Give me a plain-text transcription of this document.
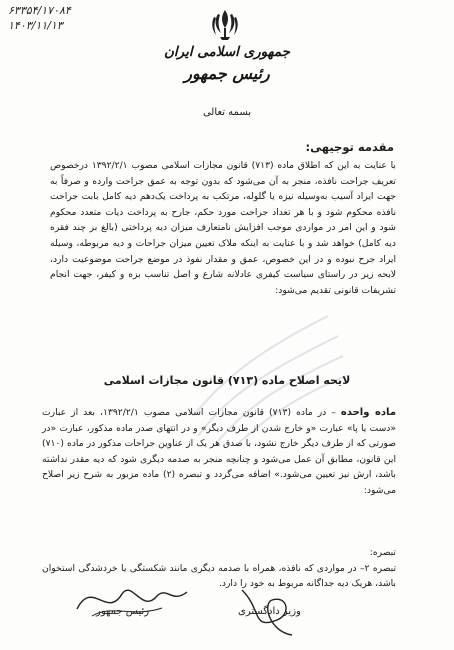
۶۳۳۵۴/۱۷۰۸۴
۱۴۰۳/۱۱/۱۳
جمهوری اسلامی ایران
رئیس جمهور
بسمه تعالی
مقدمه توجیهی:
با عنایت به این که اطلاق ماده (۷۱۳) قانون مجازات اسلامی مصوب ۱۳۹۲/۲/۱ درخصوص تعریف جراحت نافذه، منجر به آن می‌شود که بدون توجه به عمق جراحت وارده و صرفاً به جهت ایراد آسیب به‌وسیله نیزه یا گلوله، مرتکب به پرداخت یک‌دهم دیه کامل بابت جراحت نافذه محکوم شود و با هر تعداد جراحت مورد حکم، جارح به پرداخت دیات متعدد محکوم شود و این امر در مواردی موجب افزایش نامتعارف میزان دیه پرداختی (بالغ بر چند فقره دیه کامل) خواهد شد و با عنایت به اینکه ملاک تعیین میزان جراحات و دیه مربوطه، وسیله ایراد جرح نبوده و در این خصوص، عمق و مقدار نفوذ در موضع جراحت موضوعیت دارد، لایحه زیر در راستای سیاست کیفری عادلانه شارع و اصل تناسب بزه و کیفر، جهت انجام تشریفات قانونی تقدیم می‌شود:
لایحه اصلاح ماده (۷۱۳) قانون مجازات اسلامی
ماده واحده – در ماده (۷۱۳) قانون مجازات اسلامی مصوب ۱۳۹۲/۲/۱، بعد از عبارت «دست یا پا» عبارت «و خارج شدن از طرف دیگر» و در انتهای صدر ماده مذکور، عبارت «در صورتی که از طرف دیگر خارج نشود، با صدق هر یک از عناوین جراحات مذکور در ماده (۷۱۰) این قانون، مطابق آن عمل می‌شود و چنانچه منجر به صدمه دیگری شود که دیه مقدر نداشته باشد، ارش نیز تعیین می‌شود.» اضافه می‌گردد و تبصره (۲) ماده مزبور به شرح زیر اصلاح می‌شود:
تبصره:
تبصره ۲– در مواردی که نافذه، همراه با صدمه دیگری مانند شکستگی یا خردشدگی استخوان باشد، هریک دیه جداگانه مربوط به خود را دارد.
رئیس جمهور	وزیر دادگستری
